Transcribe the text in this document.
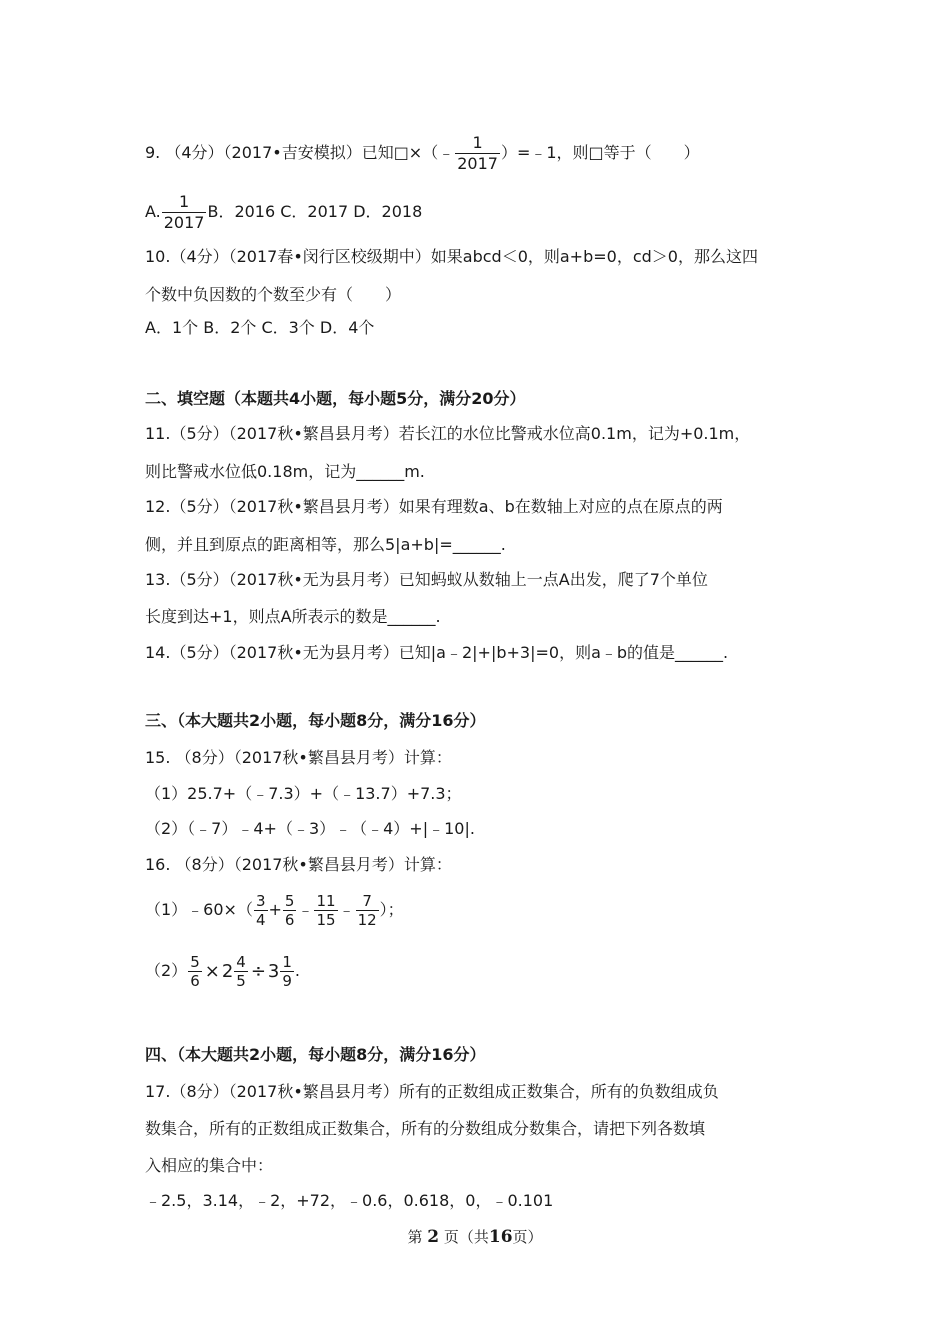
9. （4分）（2017•吉安模拟）已知□×（﹣ $\frac{1}{2017}$ ）=﹣1，则□等于（　　）
A. $\frac{1}{2017}$ B．2016 C．2017 D．2018
10.（4分）（2017春•闵行区校级期中）如果abcd＜0，则a+b=0，cd＞0，那么这四
个数中负因数的个数至少有（　　）
A．1个 B．2个 C．3个 D．4个
二、填空题（本题共4小题，每小题5分，满分20分）
11.（5分）（2017秋•繁昌县月考）若长江的水位比警戒水位高0.1m，记为+0.1m，
则比警戒水位低0.18m，记为______m.
12.（5分）（2017秋•繁昌县月考）如果有理数a、b在数轴上对应的点在原点的两
侧，并且到原点的距离相等，那么5|a+b|=______.
13.（5分）（2017秋•无为县月考）已知蚂蚁从数轴上一点A出发，爬了7个单位
长度到达+1，则点A所表示的数是______.
14.（5分）（2017秋•无为县月考）已知|a﹣2|+|b+3|=0，则a﹣b的值是______.
三、（本大题共2小题，每小题8分，满分16分）
15. （8分）（2017秋•繁昌县月考）计算：
（1）25.7+（﹣7.3）+（﹣13.7）+7.3；
（2）（﹣7）﹣4+（﹣3）﹣（﹣4）+|﹣10|.
16. （8分）（2017秋•繁昌县月考）计算：
（1）﹣60×（ $\frac{3}{4} + \frac{5}{6}$ ﹣ $\frac{11}{15}$ ﹣ $\frac{7}{12}$ ）；
$(2) \frac{5}{6} \times 2 \frac{4}{5} \div 3 \frac{1}{9}$ .
四、（本大题共2小题，每小题8分，满分16分）
17.（8分）（2017秋•繁昌县月考）所有的正数组成正数集合，所有的负数组成负
数集合，所有的正数组成正数集合，所有的分数组成分数集合，请把下列各数填
入相应的集合中：
﹣2.5，3.14，﹣2，+72，﹣0.6，0.618，0，﹣0.101
第 2 页（共16页）
